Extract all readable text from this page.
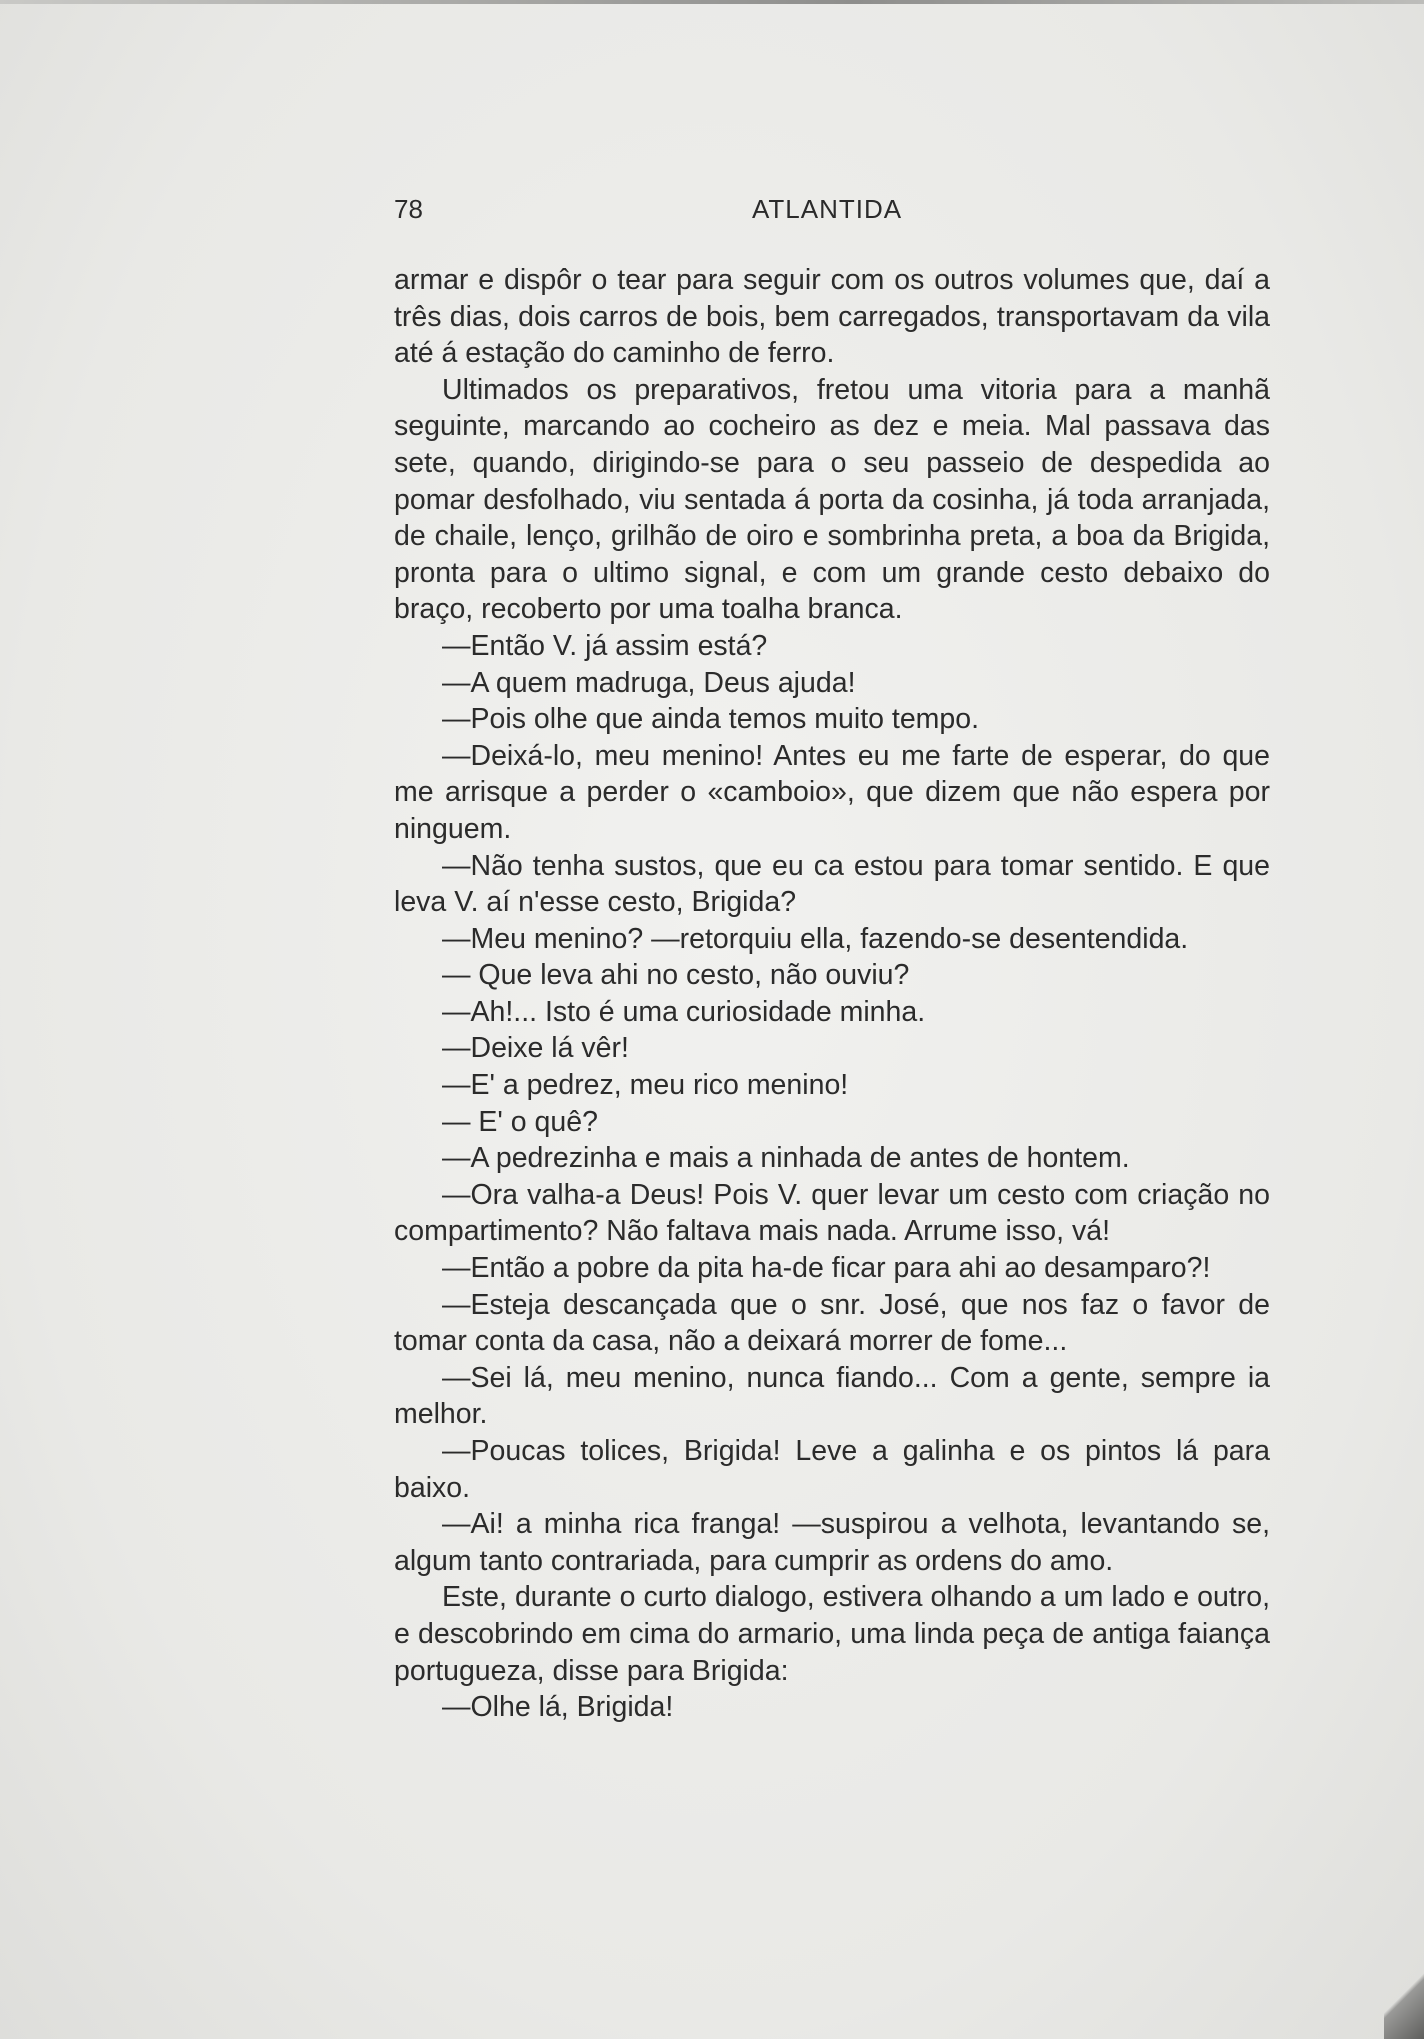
78	ATLANTIDA

armar e dispôr o tear para seguir com os outros volumes que, daí a três dias, dois carros de bois, bem carregados, transportavam da vila até á estação do caminho de ferro.

Ultimados os preparativos, fretou uma vitoria para a manhã seguinte, marcando ao cocheiro as dez e meia. Mal passava das sete, quando, dirigindo-se para o seu passeio de despedida ao pomar desfolhado, viu sentada á porta da cosinha, já toda arranjada, de chaile, lenço, grilhão de oiro e sombrinha preta, a boa da Brigida, pronta para o ultimo signal, e com um grande cesto debaixo do braço, recoberto por uma toalha branca.

—Então V. já assim está?

—A quem madruga, Deus ajuda!

—Pois olhe que ainda temos muito tempo.

—Deixá-lo, meu menino! Antes eu me farte de esperar, do que me arrisque a perder o «camboio», que dizem que não espera por ninguem.

—Não tenha sustos, que eu ca estou para tomar sentido. E que leva V. aí n'esse cesto, Brigida?

—Meu menino? —retorquiu ella, fazendo-se desentendida.

— Que leva ahi no cesto, não ouviu?

—Ah!... Isto é uma curiosidade minha.

—Deixe lá vêr!

—E' a pedrez, meu rico menino!

— E' o quê?

—A pedrezinha e mais a ninhada de antes de hontem.

—Ora valha-a Deus! Pois V. quer levar um cesto com criação no compartimento? Não faltava mais nada. Arrume isso, vá!

—Então a pobre da pita ha-de ficar para ahi ao desamparo?!

—Esteja descançada que o snr. José, que nos faz o favor de tomar conta da casa, não a deixará morrer de fome...

—Sei lá, meu menino, nunca fiando... Com a gente, sempre ia melhor.

—Poucas tolices, Brigida! Leve a galinha e os pintos lá para baixo.

—Ai! a minha rica franga! —suspirou a velhota, levantando se, algum tanto contrariada, para cumprir as ordens do amo.

Este, durante o curto dialogo, estivera olhando a um lado e outro, e descobrindo em cima do armario, uma linda peça de antiga faiança portugueza, disse para Brigida:

—Olhe lá, Brigida!
